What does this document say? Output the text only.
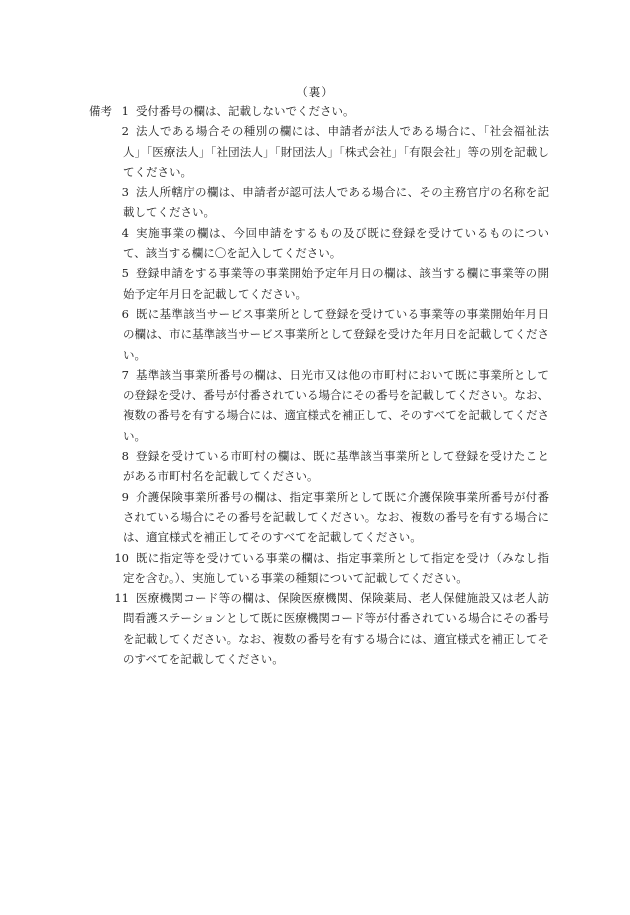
（裏）
備考 1 受付番号の欄は、記載しないでください。
2 法人である場合その種別の欄には、申請者が法人である場合に、「社会福祉法人」「医療法人」「社団法人」「財団法人」「株式会社」「有限会社」等の別を記載してください。
3 法人所轄庁の欄は、申請者が認可法人である場合に、その主務官庁の名称を記載してください。
4 実施事業の欄は、今回申請をするもの及び既に登録を受けているものについて、該当する欄に〇を記入してください。
5 登録申請をする事業等の事業開始予定年月日の欄は、該当する欄に事業等の開始予定年月日を記載してください。
6 既に基準該当サービス事業所として登録を受けている事業等の事業開始年月日の欄は、市に基準該当サービス事業所として登録を受けた年月日を記載してください。
7 基準該当事業所番号の欄は、日光市又は他の市町村において既に事業所としての登録を受け、番号が付番されている場合にその番号を記載してください。なお、複数の番号を有する場合には、適宜様式を補正して、そのすべてを記載してください。
8 登録を受けている市町村の欄は、既に基準該当事業所として登録を受けたことがある市町村名を記載してください。
9 介護保険事業所番号の欄は、指定事業所として既に介護保険事業所番号が付番されている場合にその番号を記載してください。なお、複数の番号を有する場合には、適宜様式を補正してそのすべてを記載してください。
10 既に指定等を受けている事業の欄は、指定事業所として指定を受け（みなし指定を含む。）、実施している事業の種類について記載してください。
11 医療機関コード等の欄は、保険医療機関、保険薬局、老人保健施設又は老人訪問看護ステーションとして既に医療機関コード等が付番されている場合にその番号を記載してください。なお、複数の番号を有する場合には、適宜様式を補正してそのすべてを記載してください。
